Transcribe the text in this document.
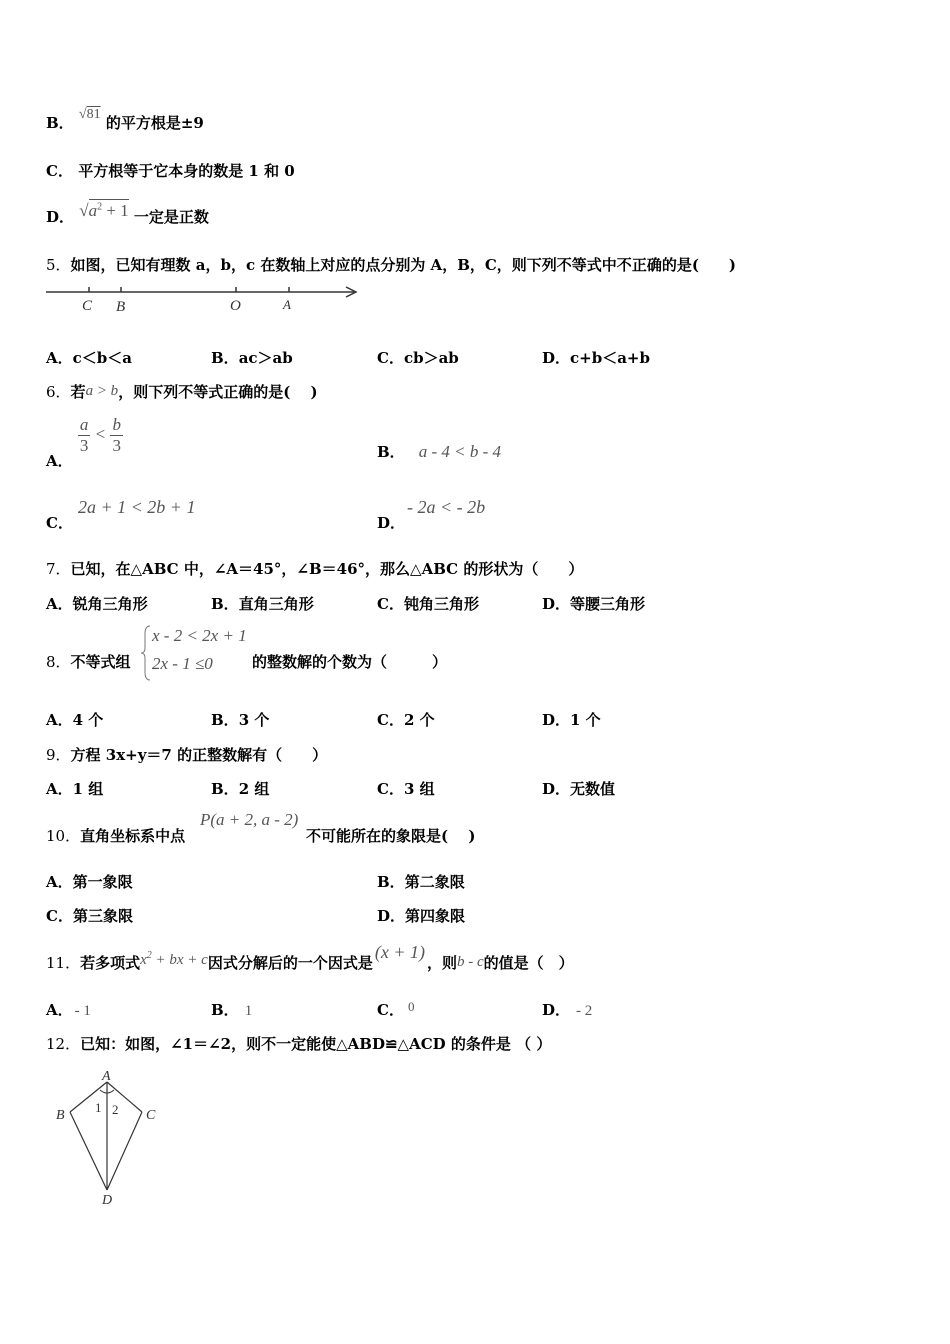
B． √81 的平方根是±9
C． 平方根等于它本身的数是 1 和 0
D． $√a^2 + 1$ 一定是正数
5．如图，已知有理数 a，b，c 在数轴上对应的点分别为 A，B，C，则下列不等式中不正确的是(　　)
C B	O	A
A．c＜b＜a	B．ac＞ab	C．cb＞ab	D．c+b＜a+b
6．若a > b，则下列不等式正确的是(　 )
A．
$\frac{a}{3} < \frac{b}{3}$	B． a - 4 < b - 4
C．
2a + 1 < 2b + 1
D．
- 2a < - 2b
7．已知，在△ABC 中，∠A＝45°，∠B＝46°，那么△ABC 的形状为（　　）
A．锐角三角形	B．直角三角形	C．钝角三角形	D．等腰三角形
8．不等式组
x - 2 < 2x + 1
2x - 1 ≤0	的整数解的个数为（　　　）
A．4 个	B．3 个	C．2 个	D．1 个
9．方程 3x+y＝7 的正整数解有（　　）
A．1 组	B．2 组	C．3 组	D．无数值
10．直角坐标系中点
P(a + 2, a - 2)
不可能所在的象限是(　 )
A．第一象限	B．第二象限
C．第三象限	D．第四象限
11．若多项式$x^2$ + bx + c因式分解后的一个因式是(x + 1)，则b - c的值是（　）
A． - 1	B． 1	C． 0	D． - 2
12．已知：如图，∠1＝∠2，则不一定能使△ABD≌△ACD 的条件是 （ ）
A
B	C
D
1 2
